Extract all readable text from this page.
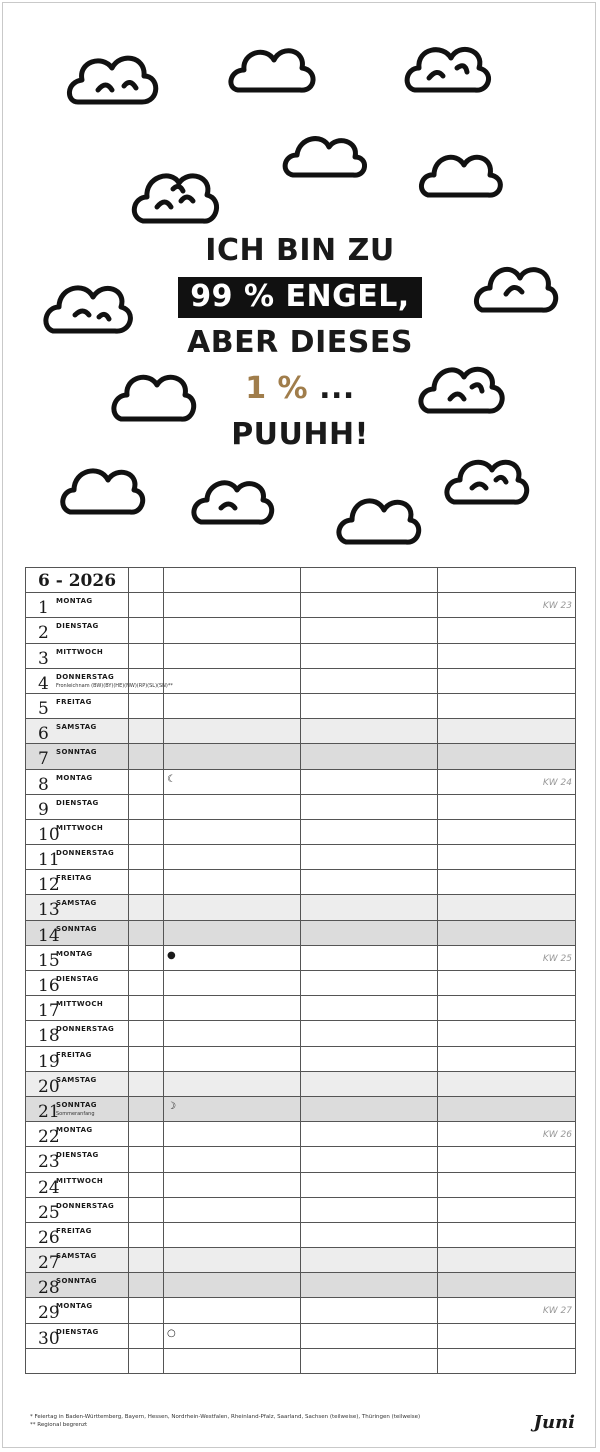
ICH BIN ZU
99 % ENGEL,
ABER DIESES
1 % ...
PUUHH!
6 - 2026				

1 MONTAG				KW 23

2 DIENSTAG				

3 MITTWOCH				

4 DONNERSTAG
Fronleichnam (BW)(BY)(HE)(NW)(RP)(SL)(SN)**				

5 FREITAG				

6 SAMSTAG				

7 SONNTAG				

8 MONTAG		☾		KW 24

9 DIENSTAG				

10
MITTWOCH				

11
DONNERSTAG				

12
FREITAG				

13
SAMSTAG				

14
SONNTAG				

15
MONTAG		●		KW 25

16
DIENSTAG				

17
MITTWOCH				

18
DONNERSTAG				

19
FREITAG				

20
SAMSTAG				

21
SONNTAG
Sommeranfang		☽		

22
MONTAG				KW 26

23
DIENSTAG				

24
MITTWOCH				

25
DONNERSTAG				

26
FREITAG				

27
SAMSTAG				

28
SONNTAG				

29
MONTAG				KW 27

30
DIENSTAG		○		

* Feiertag in Baden-Württemberg, Bayern, Hessen, Nordrhein-Westfalen, Rheinland-Pfalz, Saarland, Sachsen (teilweise), Thüringen (teilweise)
** Regional begrenzt	Juni
